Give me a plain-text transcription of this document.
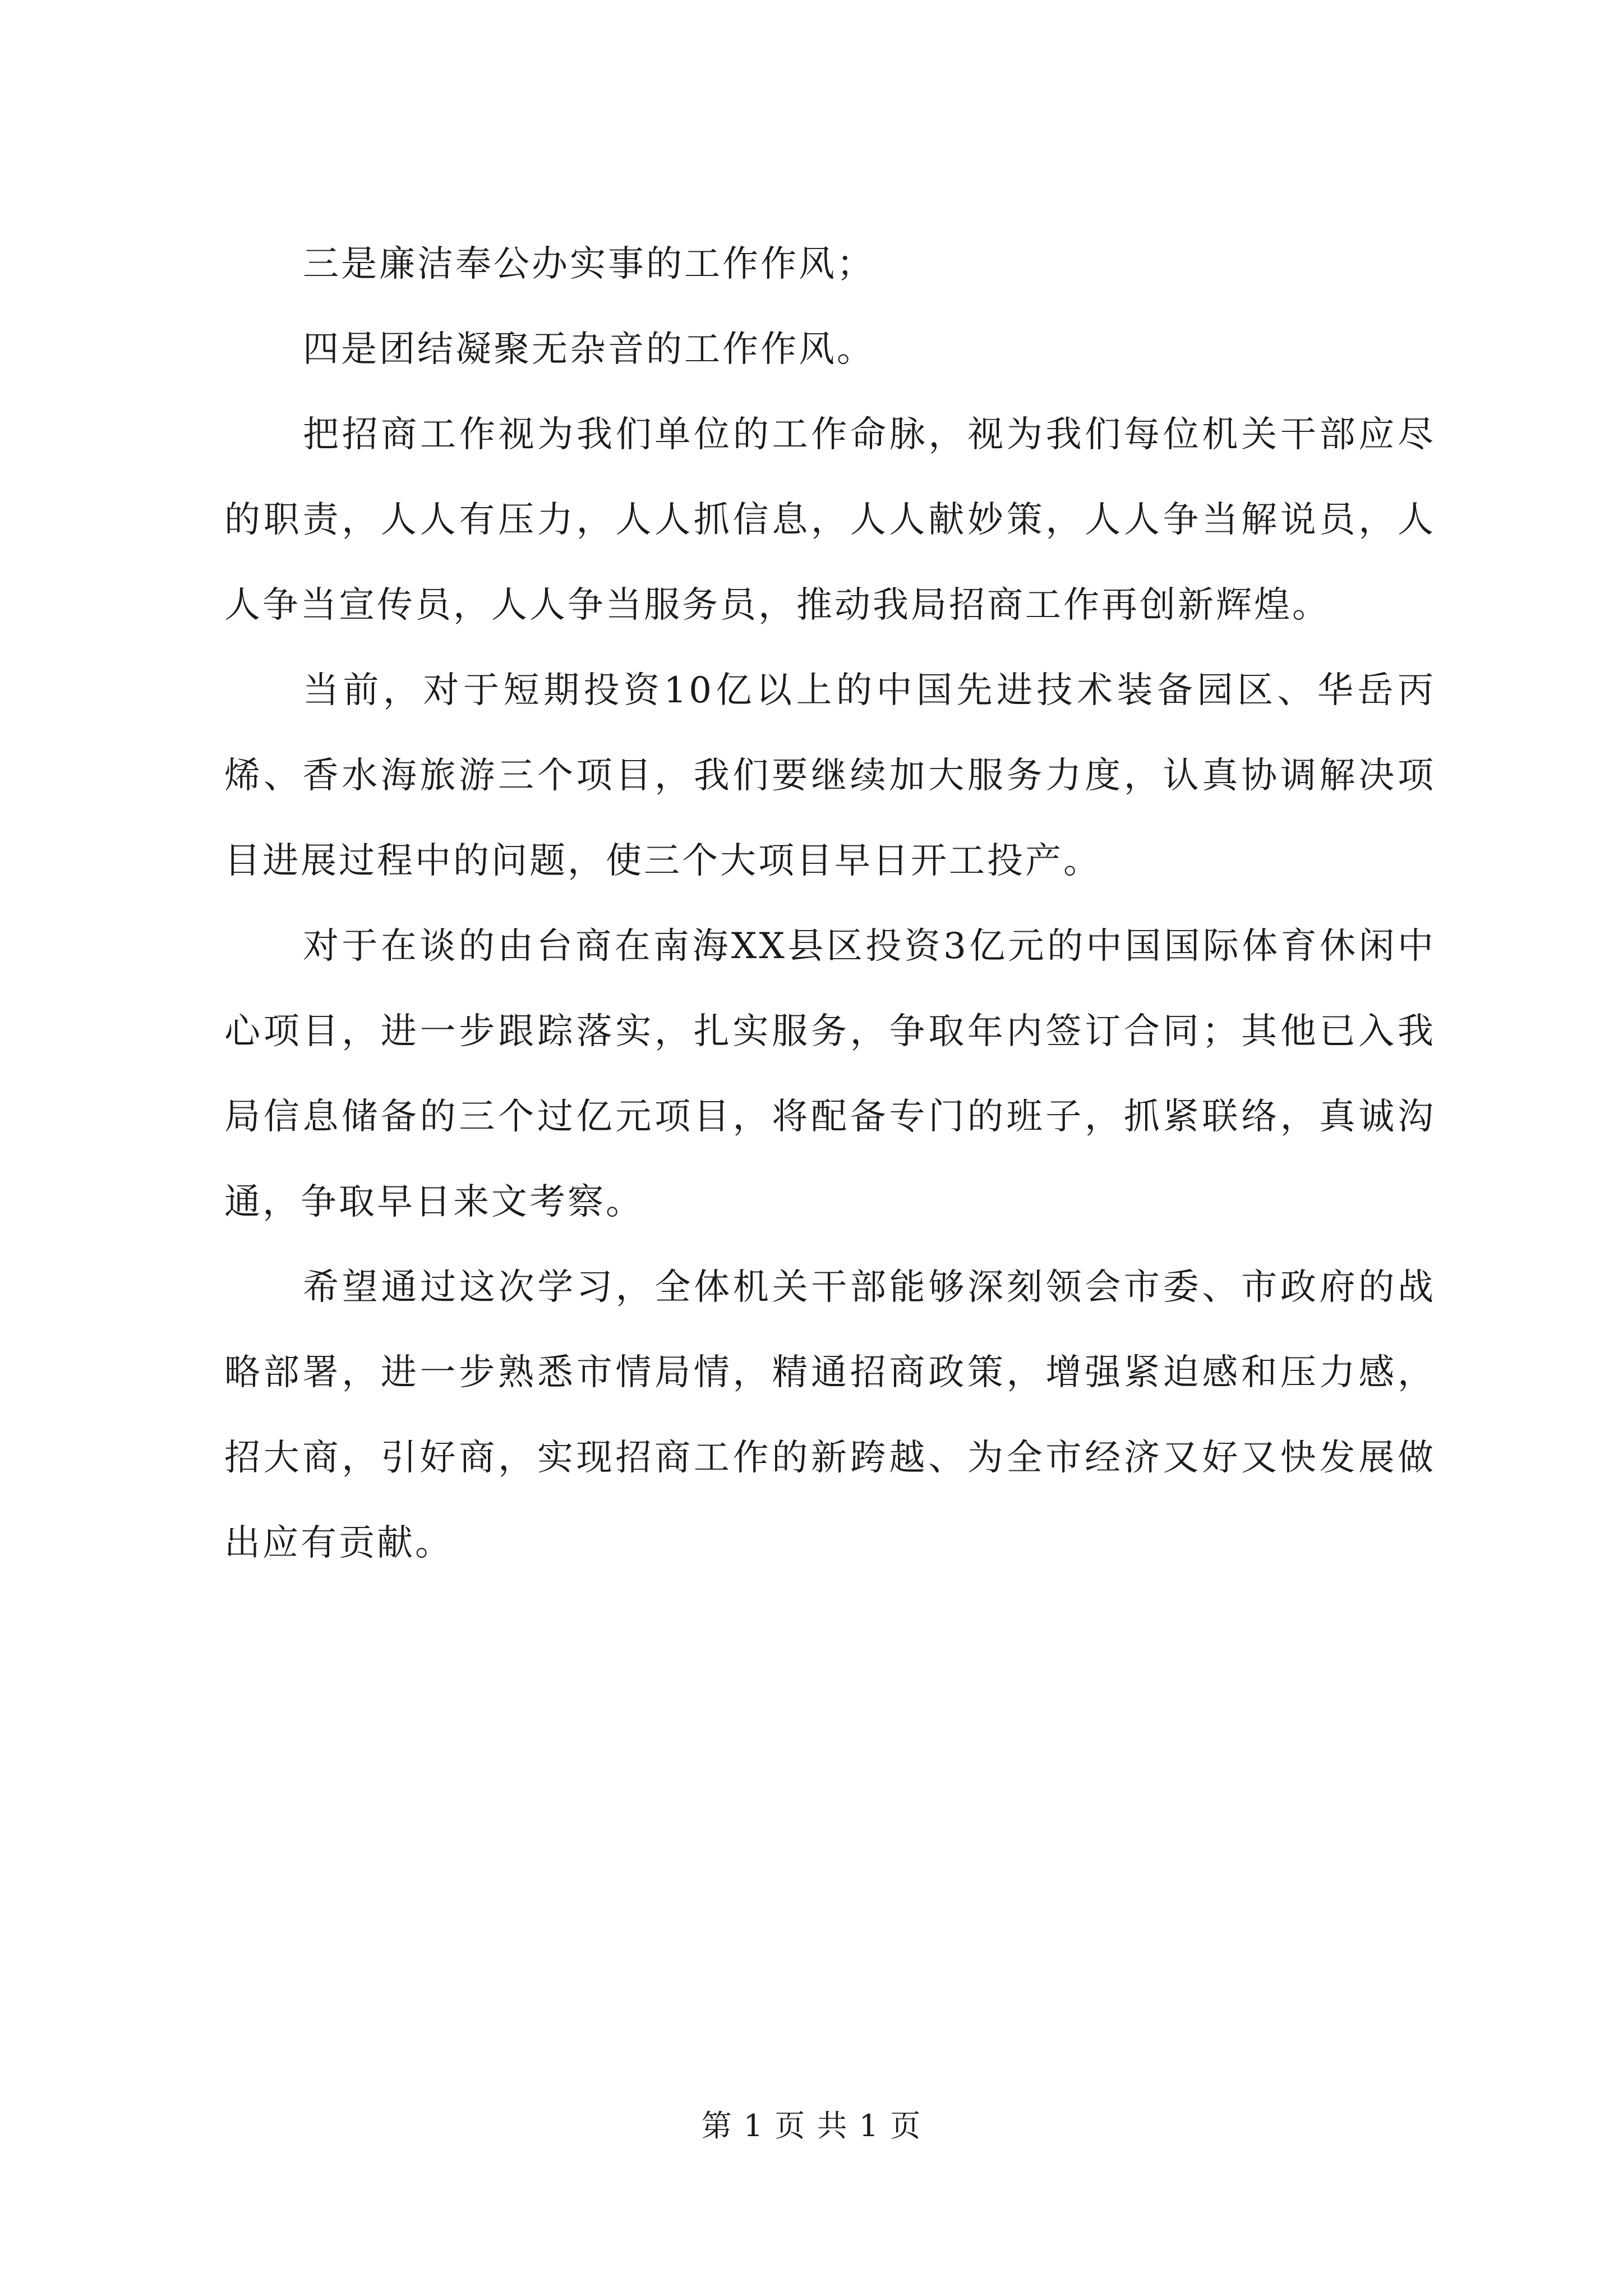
三是廉洁奉公办实事的工作作风；

四是团结凝聚无杂音的工作作风。

把招商工作视为我们单位的工作命脉，视为我们每位机关干部应尽的职责，人人有压力，人人抓信息，人人献妙策，人人争当解说员，人人争当宣传员，人人争当服务员，推动我局招商工作再创新辉煌。

当前，对于短期投资10亿以上的中国先进技术装备园区、华岳丙烯、香水海旅游三个项目，我们要继续加大服务力度，认真协调解决项目进展过程中的问题，使三个大项目早日开工投产。

对于在谈的由台商在南海XX县区投资3亿元的中国国际体育休闲中心项目，进一步跟踪落实，扎实服务，争取年内签订合同；其他已入我局信息储备的三个过亿元项目，将配备专门的班子，抓紧联络，真诚沟通，争取早日来文考察。

希望通过这次学习，全体机关干部能够深刻领会市委、市政府的战略部署，进一步熟悉市情局情，精通招商政策，增强紧迫感和压力感，招大商，引好商，实现招商工作的新跨越、为全市经济又好又快发展做出应有贡献。

第 1 页 共 1 页
